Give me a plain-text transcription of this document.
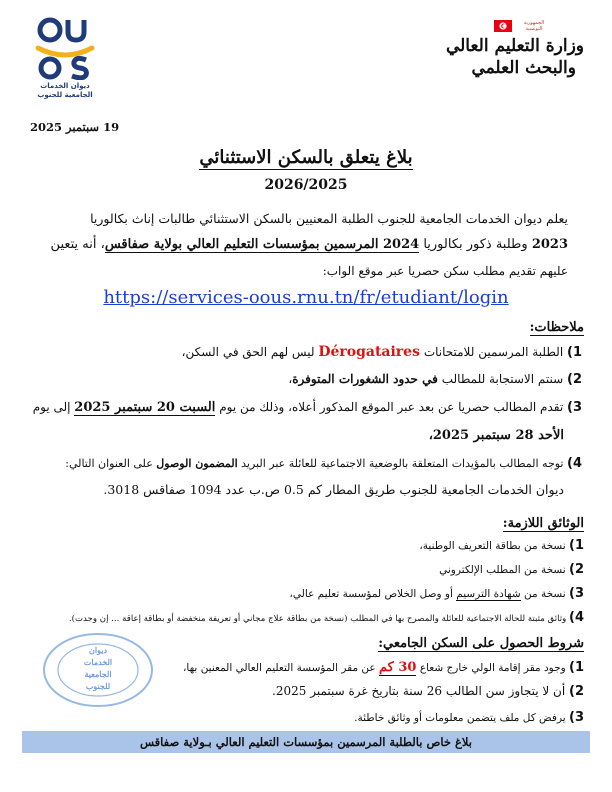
ديوان الخدمات
الجامعية للجنوب
الجمهورية
التونسية
وزارة التعليم العالي
والبحث العلمي
19 سبتمبر 2025
بلاغ يتعلق بالسكن الاستثنائي
2026/2025
يعلم ديوان الخدمات الجامعية للجنوب الطلبة المعنيين بالسكن الاستثنائي طالبات إناث بكالوريا
2023 وطلبة ذكور بكالوريا 2024 المرسمين بمؤسسات التعليم العالي بولاية صفاقس، أنه يتعين
عليهم تقديم مطلب سكن حصريا عبر موقع الواب:
https://services-oous.rnu.tn/fr/etudiant/login
ملاحظات:
1) الطلبة المرسمين للامتحانات Dérogataires ليس لهم الحق في السكن،
2) سنتم الاستجابة للمطالب في حدود الشغورات المتوفرة،
3) تقدم المطالب حصريا عن بعد عبر الموقع المذكور أعلاه، وذلك من يوم السبت 20 سبتمبر 2025 إلى يوم
الأحد 28 سبتمبر 2025،
4) توجه المطالب بالمؤيدات المتعلقة بالوضعية الاجتماعية للعائلة عبر البريد المضمون الوصول على العنوان التالي:
ديوان الخدمات الجامعية للجنوب طريق المطار كم 0.5 ص.ب عدد 1094 صفاقس 3018.
الوثائق اللازمة:
1) نسخة من بطاقة التعريف الوطنية،
2) نسخة من المطلب الإلكتروني
3) نسخة من شهادة الترسيم أو وصل الخلاص لمؤسسة تعليم عالي،
4) وثائق مثبتة للحالة الاجتماعية للعائلة والمصرح بها في المطلب (نسخة من بطاقة علاج مجاني أو تعريفة منخفضة أو بطاقة إعاقة ... إن وجدت).
ديوان
الخدمات
الجامعية
للجنوب
شروط الحصول على السكن الجامعي:
1) وجود مقر إقامة الولي خارج شعاع 30 كم عن مقر المؤسسة التعليم العالي المعنين بها،
2) أن لا يتجاوز سن الطالب 26 سنة بتاريخ غرة سبتمبر 2025.
3) يرفض كل ملف يتضمن معلومات أو وثائق خاطئة.
بلاغ خاص بالطلبة المرسمين بمؤسسات التعليم العالي بـولاية صفاقس
